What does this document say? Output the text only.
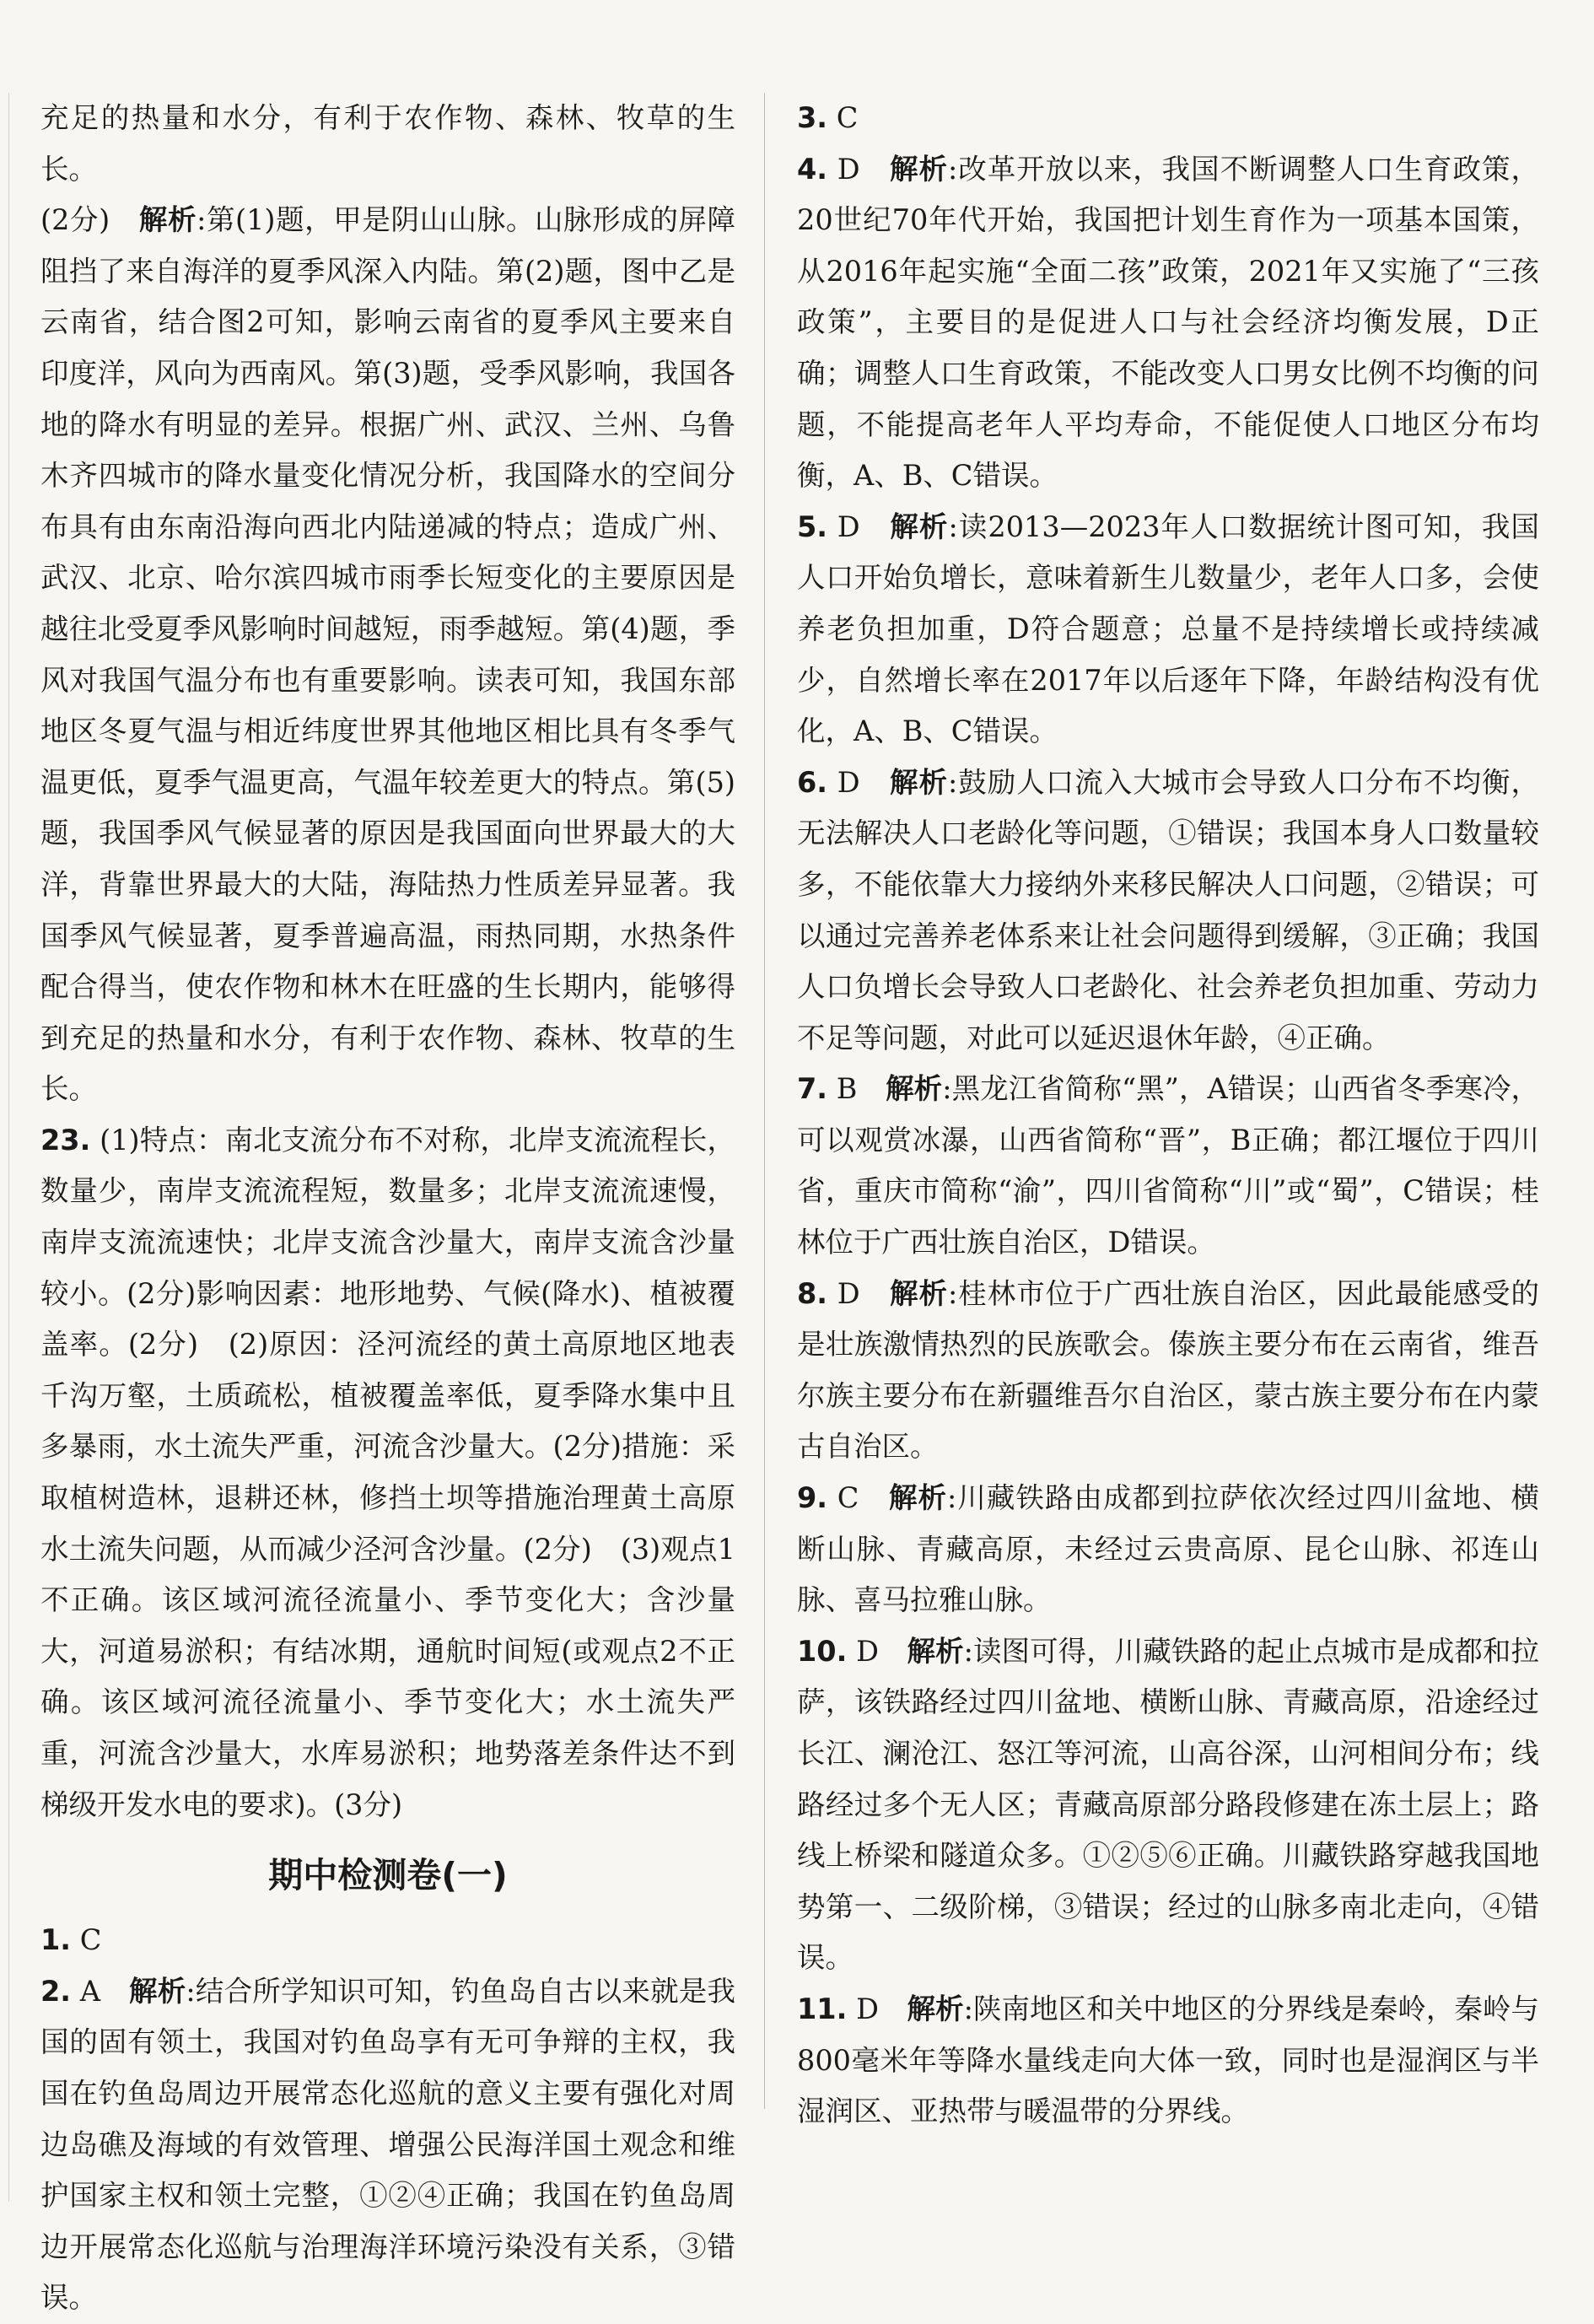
充足的热量和水分，有利于农作物、森林、牧草的生长。

(2分)　 解析:第(1)题，甲是阴山山脉。山脉形成的屏障阻挡了来自海洋的夏季风深入内陆。第(2)题，图中乙是云南省，结合图2可知，影响云南省的夏季风主要来自印度洋，风向为西南风。第(3)题，受季风影响，我国各地的降水有明显的差异。根据广州、武汉、兰州、乌鲁木齐四城市的降水量变化情况分析，我国降水的空间分布具有由东南沿海向西北内陆递减的特点；造成广州、武汉、北京、哈尔滨四城市雨季长短变化的主要原因是越往北受夏季风影响时间越短，雨季越短。第(4)题，季风对我国气温分布也有重要影响。读表可知，我国东部地区冬夏气温与相近纬度世界其他地区相比具有冬季气温更低，夏季气温更高，气温年较差更大的特点。第(5)题，我国季风气候显著的原因是我国面向世界最大的大洋，背靠世界最大的大陆，海陆热力性质差异显著。我国季风气候显著，夏季普遍高温，雨热同期，水热条件配合得当，使农作物和林木在旺盛的生长期内，能够得到充足的热量和水分，有利于农作物、森林、牧草的生长。

23. (1)特点：南北支流分布不对称，北岸支流流程长，数量少，南岸支流流程短，数量多；北岸支流流速慢，南岸支流流速快；北岸支流含沙量大，南岸支流含沙量较小。(2分)影响因素：地形地势、气候(降水)、植被覆盖率。(2分)　(2)原因：泾河流经的黄土高原地区地表千沟万壑，土质疏松，植被覆盖率低，夏季降水集中且多暴雨，水土流失严重，河流含沙量大。(2分)措施：采取植树造林，退耕还林，修挡土坝等措施治理黄土高原水土流失问题，从而减少泾河含沙量。(2分)　(3)观点1不正确。该区域河流径流量小、季节变化大；含沙量大，河道易淤积；有结冰期，通航时间短(或观点2不正确。该区域河流径流量小、季节变化大；水土流失严重，河流含沙量大，水库易淤积；地势落差条件达不到梯级开发水电的要求)。(3分)

期中检测卷(一)

1. C

2. A　 解析:结合所学知识可知，钓鱼岛自古以来就是我国的固有领土，我国对钓鱼岛享有无可争辩的主权，我国在钓鱼岛周边开展常态化巡航的意义主要有强化对周边岛礁及海域的有效管理、增强公民海洋国土观念和维护国家主权和领土完整，①②④正确；我国在钓鱼岛周边开展常态化巡航与治理海洋环境污染没有关系，③错误。

3. C

4. D　 解析:改革开放以来，我国不断调整人口生育政策，20世纪70年代开始，我国把计划生育作为一项基本国策，从2016年起实施“全面二孩”政策，2021年又实施了“三孩政策”，主要目的是促进人口与社会经济均衡发展，D正确；调整人口生育政策，不能改变人口男女比例不均衡的问题，不能提高老年人平均寿命，不能促使人口地区分布均衡，A、B、C错误。

5. D　 解析:读2013—2023年人口数据统计图可知，我国人口开始负增长，意味着新生儿数量少，老年人口多，会使养老负担加重，D符合题意；总量不是持续增长或持续减少，自然增长率在2017年以后逐年下降，年龄结构没有优化，A、B、C错误。

6. D　 解析:鼓励人口流入大城市会导致人口分布不均衡，无法解决人口老龄化等问题，①错误；我国本身人口数量较多，不能依靠大力接纳外来移民解决人口问题，②错误；可以通过完善养老体系来让社会问题得到缓解，③正确；我国人口负增长会导致人口老龄化、社会养老负担加重、劳动力不足等问题，对此可以延迟退休年龄，④正确。

7. B　 解析:黑龙江省简称“黑”，A错误；山西省冬季寒冷，可以观赏冰瀑，山西省简称“晋”，B正确；都江堰位于四川省，重庆市简称“渝”，四川省简称“川”或“蜀”，C错误；桂林位于广西壮族自治区，D错误。

8. D　 解析:桂林市位于广西壮族自治区，因此最能感受的是壮族激情热烈的民族歌会。傣族主要分布在云南省，维吾尔族主要分布在新疆维吾尔自治区，蒙古族主要分布在内蒙古自治区。

9. C　 解析:川藏铁路由成都到拉萨依次经过四川盆地、横断山脉、青藏高原，未经过云贵高原、昆仑山脉、祁连山脉、喜马拉雅山脉。

10. D　 解析:读图可得，川藏铁路的起止点城市是成都和拉萨，该铁路经过四川盆地、横断山脉、青藏高原，沿途经过长江、澜沧江、怒江等河流，山高谷深，山河相间分布；线路经过多个无人区；青藏高原部分路段修建在冻土层上；路线上桥梁和隧道众多。①②⑤⑥正确。川藏铁路穿越我国地势第一、二级阶梯，③错误；经过的山脉多南北走向，④错误。

11. D　 解析:陕南地区和关中地区的分界线是秦岭，秦岭与800毫米年等降水量线走向大体一致，同时也是湿润区与半湿润区、亚热带与暖温带的分界线。
